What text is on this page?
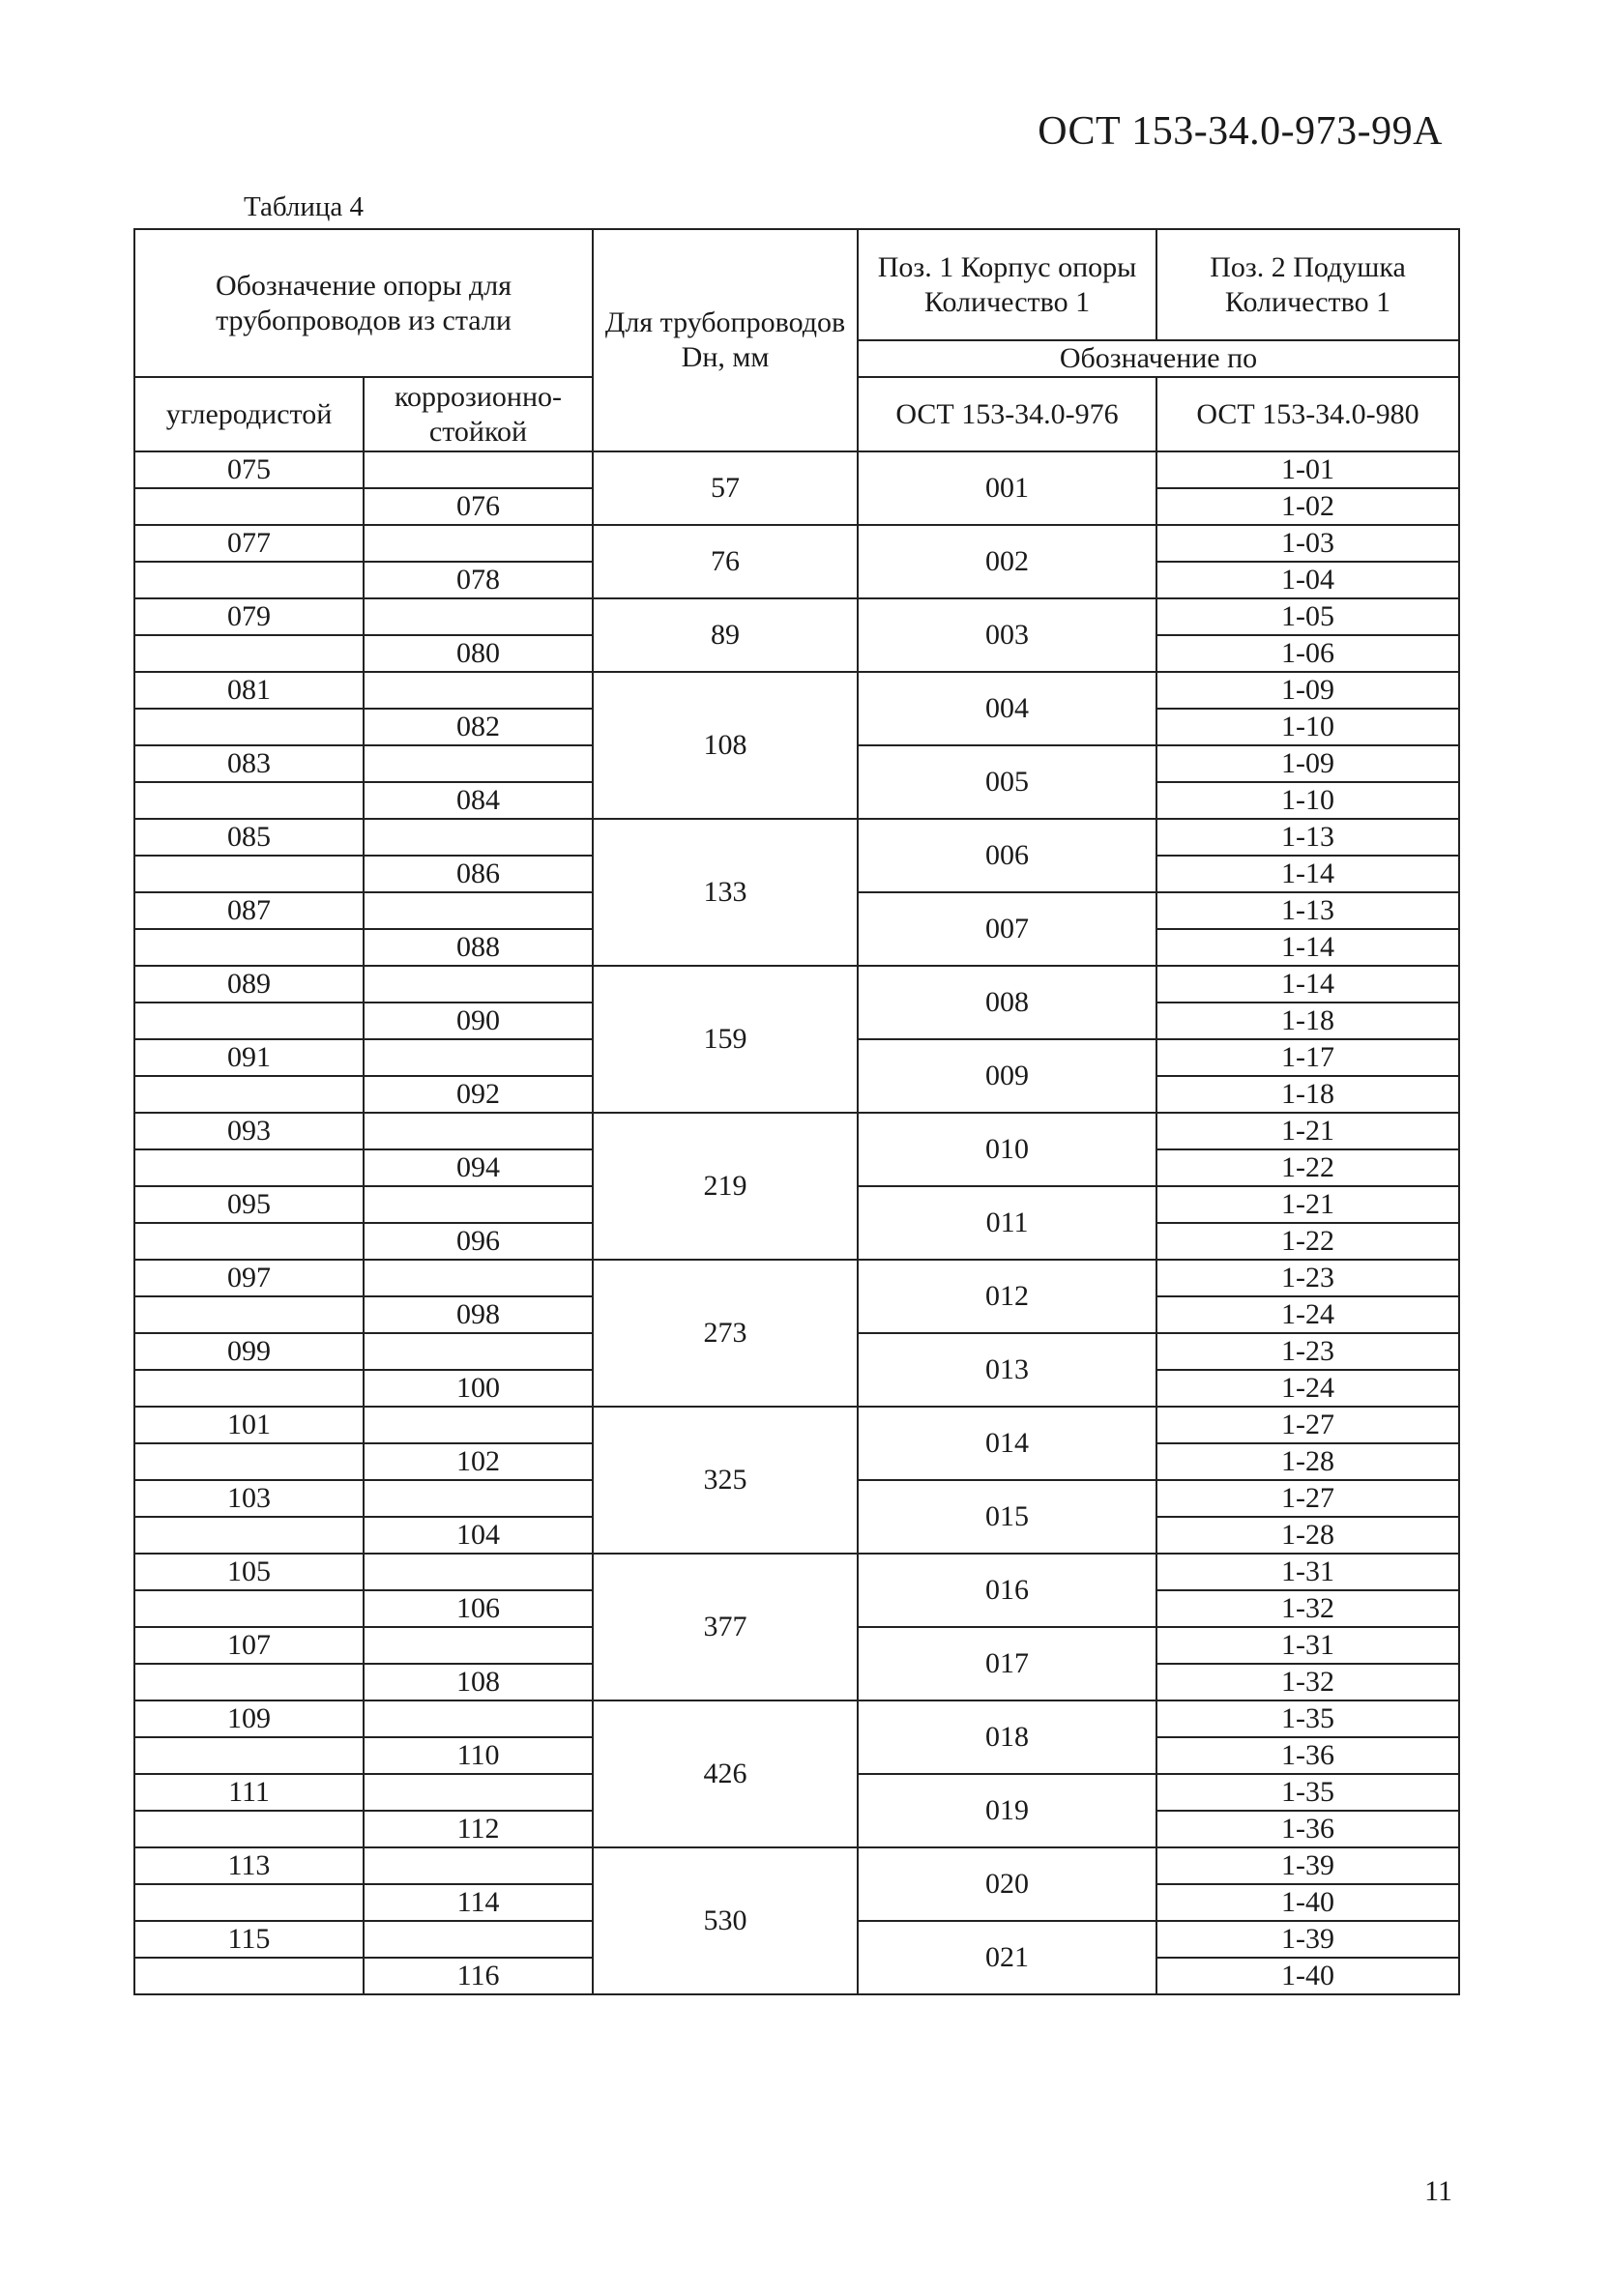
ОСТ 153-34.0-973-99А
Таблица 4
Обозначение опоры для трубопроводов из стали		Для трубопроводов Dн, мм	Поз. 1 Корпус опоры Количество 1	Поз. 2 Подушка Количество 1
			Обозначение по	
углеродистой	коррозионно-стойкой		ОСТ 153-34.0-976	ОСТ 153-34.0-980
075		57	001	1-01
	076			1-02
077		76	002	1-03
	078			1-04
079		89	003	1-05
	080			1-06
081		108	004	1-09
	082			1-10
083			005	1-09
	084			1-10
085		133	006	1-13
	086			1-14
087			007	1-13
	088			1-14
089		159	008	1-14
	090			1-18
091			009	1-17
	092			1-18
093		219	010	1-21
	094			1-22
095			011	1-21
	096			1-22
097		273	012	1-23
	098			1-24
099			013	1-23
	100			1-24
101		325	014	1-27
	102			1-28
103			015	1-27
	104			1-28
105		377	016	1-31
	106			1-32
107			017	1-31
	108			1-32
109		426	018	1-35
	110			1-36
111			019	1-35
	112			1-36
113		530	020	1-39
	114			1-40
115			021	1-39
	116			1-40
11
